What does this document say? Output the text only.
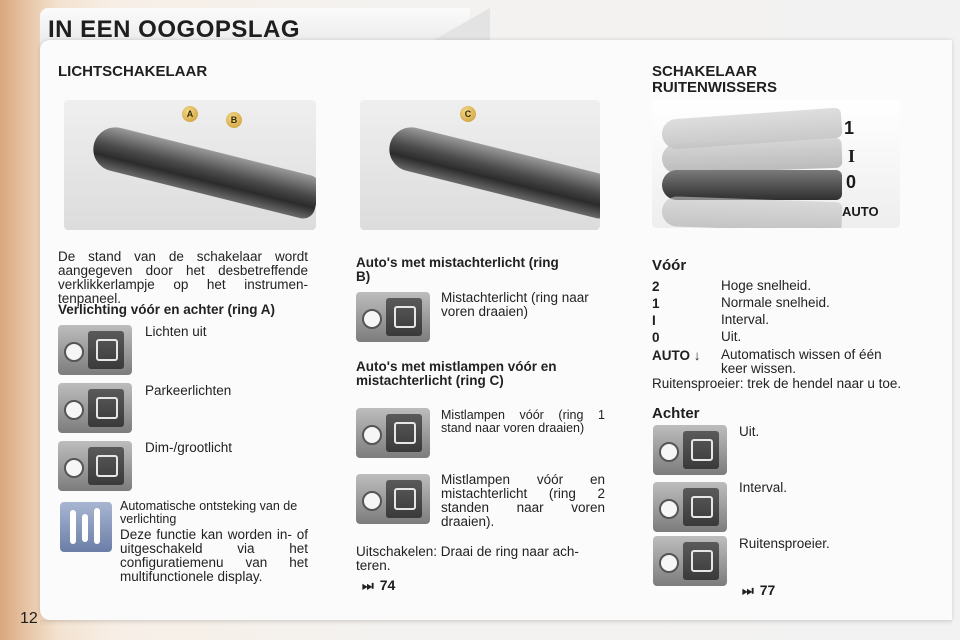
IN EEN OOGOPSLAG
LICHTSCHAKELAAR
A
B
C

De stand van de schakelaar wordt aangegeven door het desbetreffende verklikkerlampje op het instrumen-tenpaneel.

Verlichting vóór en achter (ring A)

Lichten uit

Parkeerlichten

Dim-/grootlicht

Automatische ontsteking van de verlichting

Deze functie kan worden in- of uitgeschakeld via het configuratiemenu van het multifunctionele display.

Auto's met mistachterlicht (ring B)

Mistachterlicht (ring naar voren draaien)

Auto's met mistlampen vóór en mistachterlicht (ring C)

Mistlampen vóór (ring 1 stand naar voren draaien)

Mistlampen vóór en mistachterlicht (ring 2 standen naar voren draaien).

Uitschakelen: Draai de ring naar ach-teren.

⏭ 74
SCHAKELAAR
RUITENWISSERS
1
I
0
AUTO
Vóór
2	Hoge snelheid.
1	Normale snelheid.
I	Interval.
0	Uit.
AUTO ↓ Automatisch wissen of één keer wissen.

Ruitensproeier: trek de hendel naar u toe.

Achter

Uit.

Interval.

Ruitensproeier.

⏭ 77
12
